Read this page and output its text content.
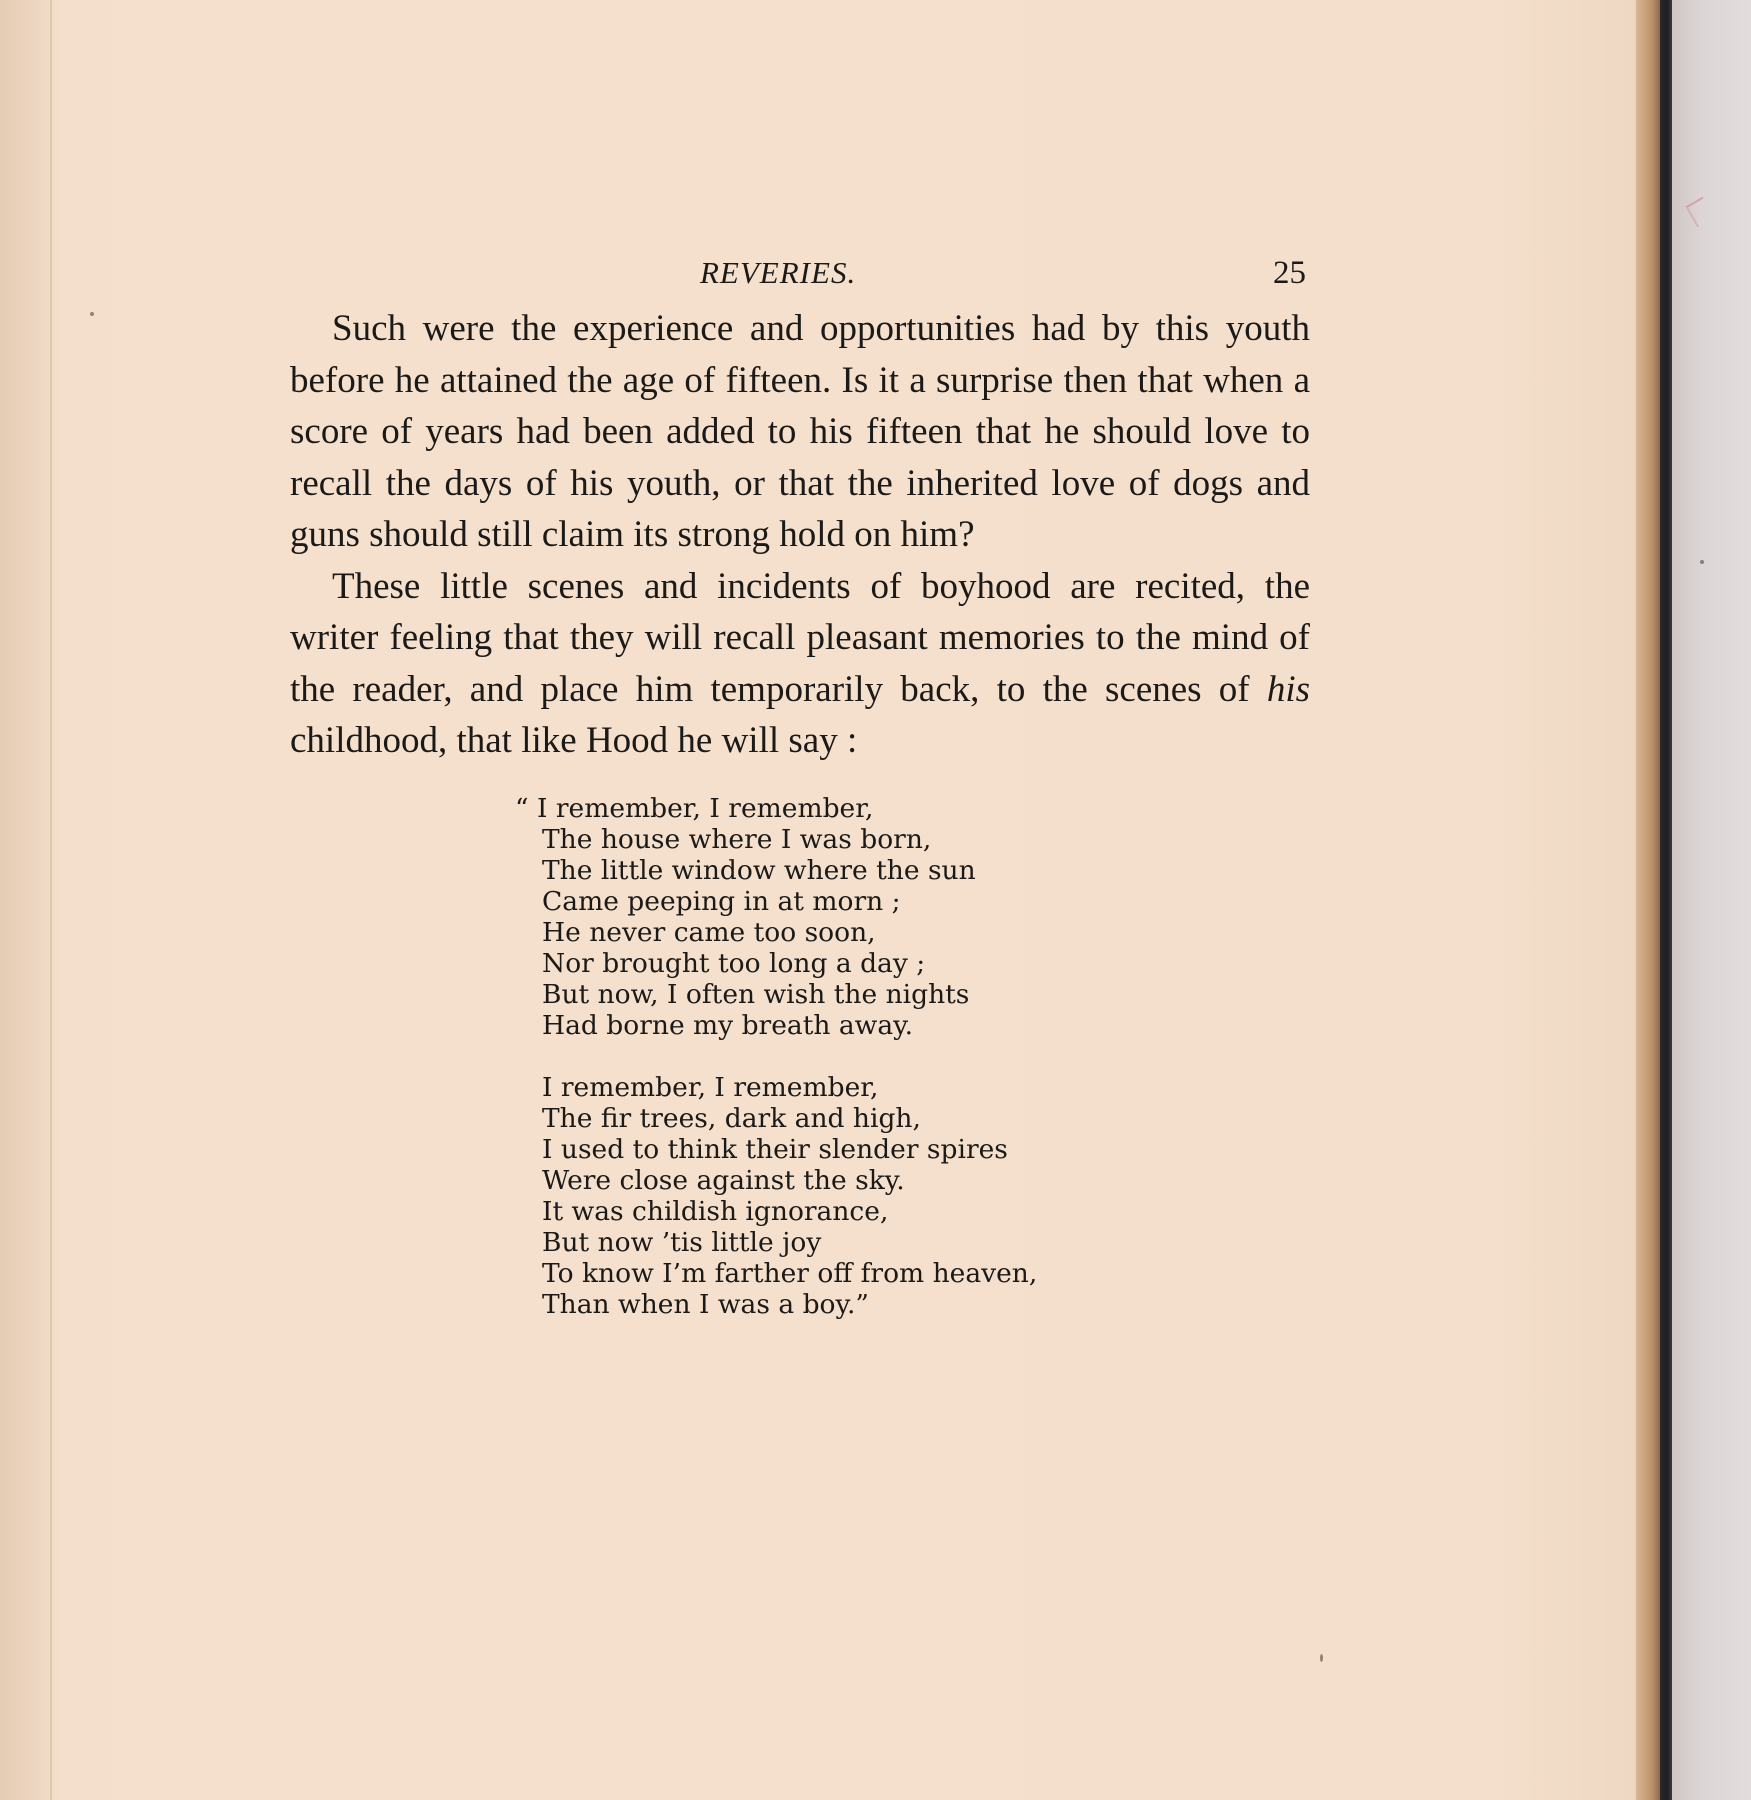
REVERIES.	25

Such were the experience and opportunities had by this youth before he attained the age of fifteen. Is it a surprise then that when a score of years had been added to his fifteen that he should love to recall the days of his youth, or that the inherited love of dogs and guns should still claim its strong hold on him?

These little scenes and incidents of boyhood are recited, the writer feeling that they will recall pleasant memories to the mind of the reader, and place him temporarily back, to the scenes of his childhood, that like Hood he will say :

“ I remember, I remember,
The house where I was born,
The little window where the sun
Came peeping in at morn ;
He never came too soon,
Nor brought too long a day ;
But now, I often wish the nights
Had borne my breath away.
I remember, I remember,
The fir trees, dark and high,
I used to think their slender spires
Were close against the sky.
It was childish ignorance,
But now ’tis little joy
To know I’m farther off from heaven,
Than when I was a boy.”
